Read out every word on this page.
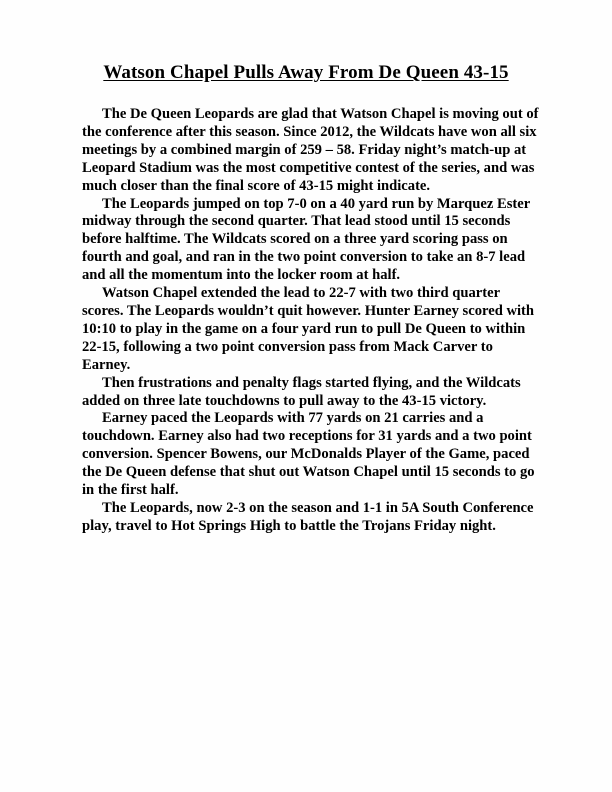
Watson Chapel Pulls Away From De Queen 43-15

The De Queen Leopards are glad that Watson Chapel is moving out of the conference after this season. Since 2012, the Wildcats have won all six meetings by a combined margin of 259 – 58. Friday night’s match-up at Leopard Stadium was the most competitive contest of the series, and was much closer than the final score of 43-15 might indicate.

The Leopards jumped on top 7-0 on a 40 yard run by Marquez Ester midway through the second quarter. That lead stood until 15 seconds before halftime. The Wildcats scored on a three yard scoring pass on fourth and goal, and ran in the two point conversion to take an 8-7 lead and all the momentum into the locker room at half.

Watson Chapel extended the lead to 22-7 with two third quarter scores. The Leopards wouldn’t quit however. Hunter Earney scored with 10:10 to play in the game on a four yard run to pull De Queen to within 22-15, following a two point conversion pass from Mack Carver to Earney.

Then frustrations and penalty flags started flying, and the Wildcats added on three late touchdowns to pull away to the 43-15 victory.

Earney paced the Leopards with 77 yards on 21 carries and a touchdown. Earney also had two receptions for 31 yards and a two point conversion. Spencer Bowens, our McDonalds Player of the Game, paced the De Queen defense that shut out Watson Chapel until 15 seconds to go in the first half.

The Leopards, now 2-3 on the season and 1-1 in 5A South Conference play, travel to Hot Springs High to battle the Trojans Friday night.
